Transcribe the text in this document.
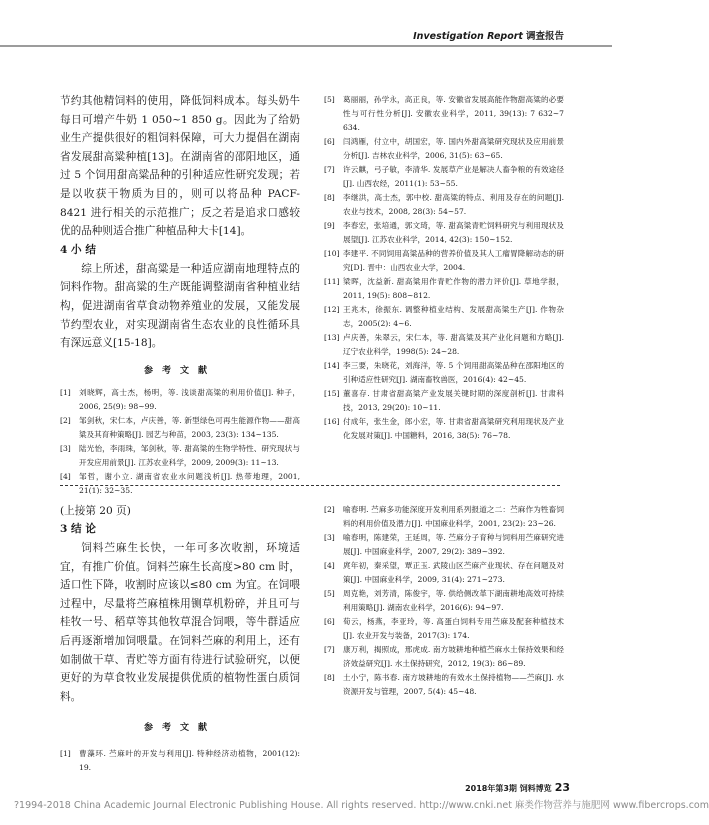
Investigation Report 调查报告

节约其他精饲料的使用，降低饲料成本。每头奶牛每日可增产牛奶 1 050~1 850 g。因此为了给奶业生产提供很好的粗饲料保障，可大力提倡在湖南省发展甜高粱种植[13]。在湖南省的邵阳地区，通过 5 个饲用甜高粱品种的引种适应性研究发现；若是以收获干物质为目的，则可以将品种 PACF-8421 进行相关的示范推广；反之若是追求口感较优的品种则适合推广种植品种大卡[14]。

4 小 结

综上所述，甜高粱是一种适应湖南地理特点的饲料作物。甜高粱的生产既能调整湖南省种植业结构，促进湖南省草食动物养殖业的发展，又能发展节约型农业，对实现湖南省生态农业的良性循环具有深远意义[15-18]。

参考文献

[1]	刘晓辉，高士杰，杨明，等. 浅谈甜高粱的利用价值[J]. 种子，2006, 25(9): 98~99.
[2]	邹剑秋，宋仁本，卢庆善，等. 新型绿色可再生能源作物——甜高粱及其育种策略[J]. 园艺与种苗，2003, 23(3): 134~135.
[3]	陆光怡，李雨珠，邹剑秋，等. 甜高粱的生物学特性、研究现状与开发应用前景[J]. 江苏农业科学，2009, 2009(3): 11~13.
[4]	邹哲，谢小立. 湖南省农业水问题浅析[J]. 热带地理，2001, 21(1): 32~35.
[5]	葛丽丽，孙学永，高正良，等. 安徽省发展高能作物甜高粱的必要性与可行性分析[J]. 安徽农业科学，2011, 39(13): 7 632~7 634.
[6]	闫鸿雁，付立中，胡国宏，等. 国内外甜高粱研究现状及应用前景分析[J]. 吉林农业科学，2006, 31(5): 63~65.
[7]	许云麒，弓子敏，李清华. 发展草产业是解决人畜争粮的有效途径[J]. 山西农经，2011(1): 53~55.
[8]	李继洪，高士杰，郭中校. 甜高粱的特点、利用及存在的问题[J]. 农业与技术，2008, 28(3): 54~57.
[9]	李春宏，张培通，郭文琦，等. 甜高粱青贮饲料研究与利用现状及展望[J]. 江苏农业科学，2014, 42(3): 150~152.
[10] 李建平. 不同饲用高粱品种的营养价值及其人工瘤胃降解动态的研究[D]. 晋中：山西农业大学，2004.
[11] 梁晖，沈益新. 甜高粱用作青贮作物的潜力评价[J]. 草地学报，2011, 19(5): 808~812.
[12] 王兆木，徐振东. 调整种植业结构、发展甜高粱生产[J]. 作物杂志，2005(2): 4~6.
[13] 卢庆善，朱翠云，宋仁本，等. 甜高粱及其产业化问题和方略[J]. 辽宁农业科学，1998(5): 24~28.
[14] 李三要，朱晓花，刘海洋，等. 5 个饲用甜高粱品种在邵阳地区的引种适应性研究[J]. 湖南畜牧兽医，2016(4): 42~45.
[15] 董喜存. 甘肃省甜高粱产业发展关键时期的深度剖析[J]. 甘肃科技，2013, 29(20): 10~11.
[16] 付成年，张生金，郎小宏，等. 甘肃省甜高粱研究利用现状及产业化发展对策[J]. 中国糖料，2016, 38(5): 76~78.

(上接第 20 页)

3 结 论

饲料苎麻生长快，一年可多次收割，环境适宜，有推广价值。饲料苎麻生长高度>80 cm 时，适口性下降，收割时应该以≤80 cm 为宜。在饲喂过程中，尽量将苎麻植株用铡草机粉碎，并且可与桂牧一号、稻草等其他牧草混合饲喂，等牛群适应后再逐渐增加饲喂量。在饲料苎麻的利用上，还有如制做干草、青贮等方面有待进行试验研究，以便更好的为草食牧业发展提供优质的植物性蛋白质饲料。

参考文献

[1]	曹藻环. 苎麻叶的开发与利用[J]. 特种经济动植物，2001(12): 19.
[2]	喻春明. 苎麻多功能深度开发利用系列报道之二：苎麻作为牲畜饲料的利用价值及潜力[J]. 中国麻业科学，2001, 23(2): 23~26.
[3]	喻春明，陈建荣，王延周，等. 苎麻分子育种与饲料用苎麻研究进展[J]. 中国麻业科学，2007, 29(2): 389~392.
[4]	庹年初，秦采望，覃正玉. 武陵山区苎麻产业现状、存在问题及对策[J]. 中国麻业科学，2009, 31(4): 271~273.
[5]	周克艳，刘芳清，陈俊宇，等. 供给侧改革下湖南耕地高效可持续利用策略[J]. 湖南农业科学，2016(6): 94~97.
[6]	荀云，杨燕，李亚玲，等. 高蛋白饲料专用苎麻及配套种植技术[J]. 农业开发与装备，2017(3): 174.
[7]	康万利，揭照成，邢虎成. 南方坡耕地种植苎麻水土保持效果和经济效益研究[J]. 水土保持研究，2012, 19(3): 86~89.
[8]	土小宁，陈书春. 南方坡耕地的有效水土保持植物——苎麻[J]. 水资源开发与管理，2007, 5(4): 45~48.
2018年第3期 饲料博览 23
?1994-2018 China Academic Journal Electronic Publishing House. All rights reserved. http://www.cnki.net 麻类作物营养与施肥网 www.fibercrops.com
